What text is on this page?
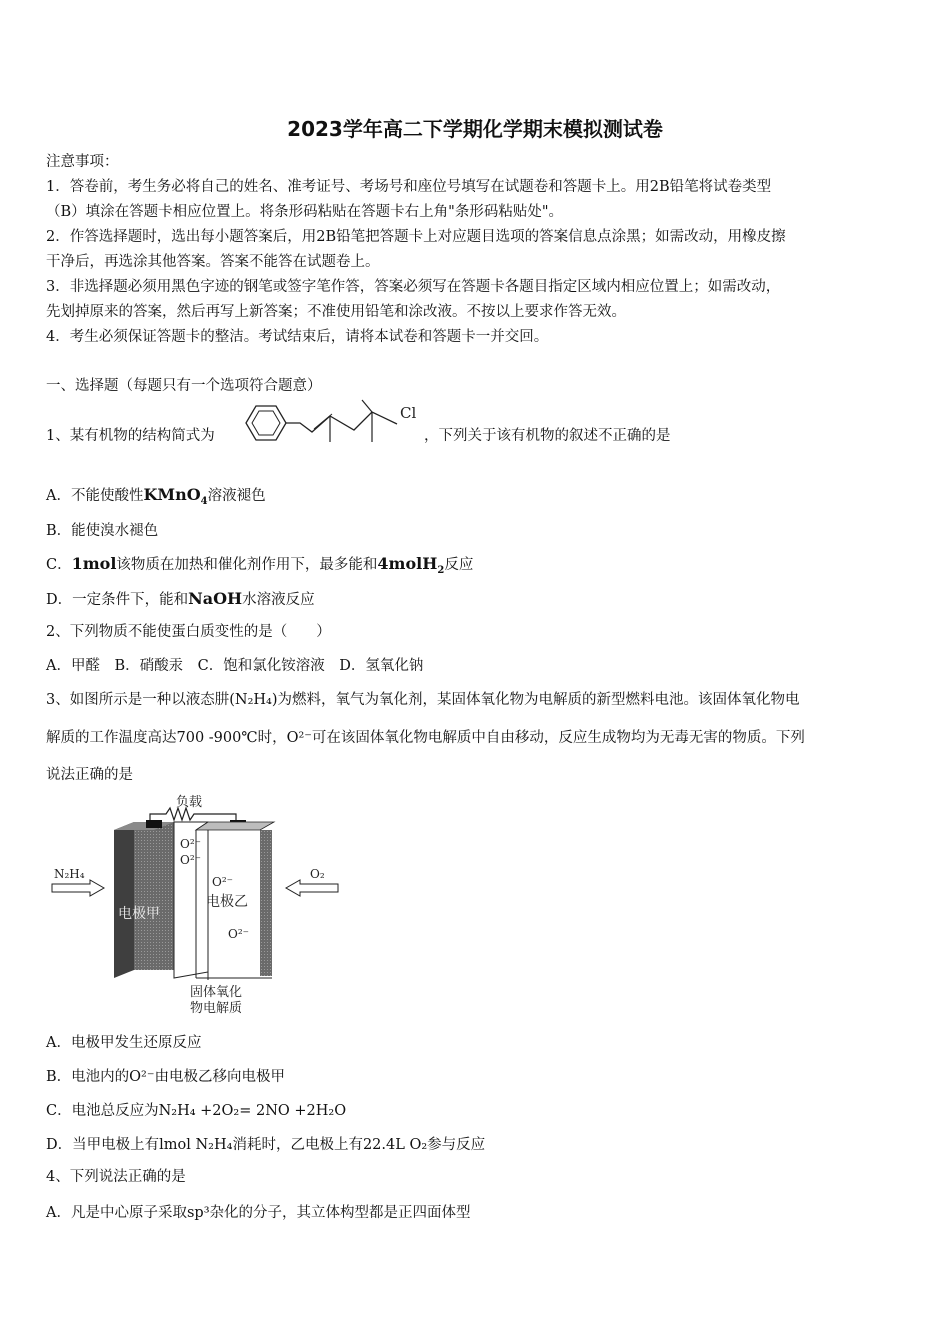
2023学年高二下学期化学期末模拟测试卷
注意事项：
1．答卷前，考生务必将自己的姓名、准考证号、考场号和座位号填写在试题卷和答题卡上。用2B铅笔将试卷类型
（B）填涂在答题卡相应位置上。将条形码粘贴在答题卡右上角"条形码粘贴处"。
2．作答选择题时，选出每小题答案后，用2B铅笔把答题卡上对应题目选项的答案信息点涂黑；如需改动，用橡皮擦
干净后，再选涂其他答案。答案不能答在试题卷上。
3．非选择题必须用黑色字迹的钢笔或签字笔作答，答案必须写在答题卡各题目指定区域内相应位置上；如需改动，
先划掉原来的答案，然后再写上新答案；不准使用铅笔和涂改液。不按以上要求作答无效。
4．考生必须保证答题卡的整洁。考试结束后，请将本试卷和答题卡一并交回。
一、选择题（每题只有一个选项符合题意）
1、某有机物的结构简式为
Cl
，下列关于该有机物的叙述不正确的是
A．不能使酸性KMnO$_4$溶液褪色
B．能使溴水褪色
C．1mol该物质在加热和催化剂作用下，最多能和4molH$_2$反应
D．一定条件下，能和NaOH水溶液反应
2、下列物质不能使蛋白质变性的是（　　）
A．甲醛　B．硝酸汞　C．饱和氯化铵溶液　D．氢氧化钠
3、如图所示是一种以液态肼(N₂H₄)为燃料，氧气为氧化剂，某固体氧化物为电解质的新型燃料电池。该固体氧化物电
解质的工作温度高达700 -900℃时，O²⁻可在该固体氧化物电解质中自由移动，反应生成物均为无毒无害的物质。下列
说法正确的是
负载
O²⁻
O²⁻
O²⁻
O²⁻
电极乙
电极甲
N₂H₄	O₂
固体氧化
物电解质
A．电极甲发生还原反应
B．电池内的O²⁻由电极乙移向电极甲
C．电池总反应为N₂H₄ +2O₂= 2NO +2H₂O
D．当甲电极上有lmol N₂H₄消耗时，乙电极上有22.4L O₂参与反应
4、下列说法正确的是
A．凡是中心原子采取sp³杂化的分子，其立体构型都是正四面体型
